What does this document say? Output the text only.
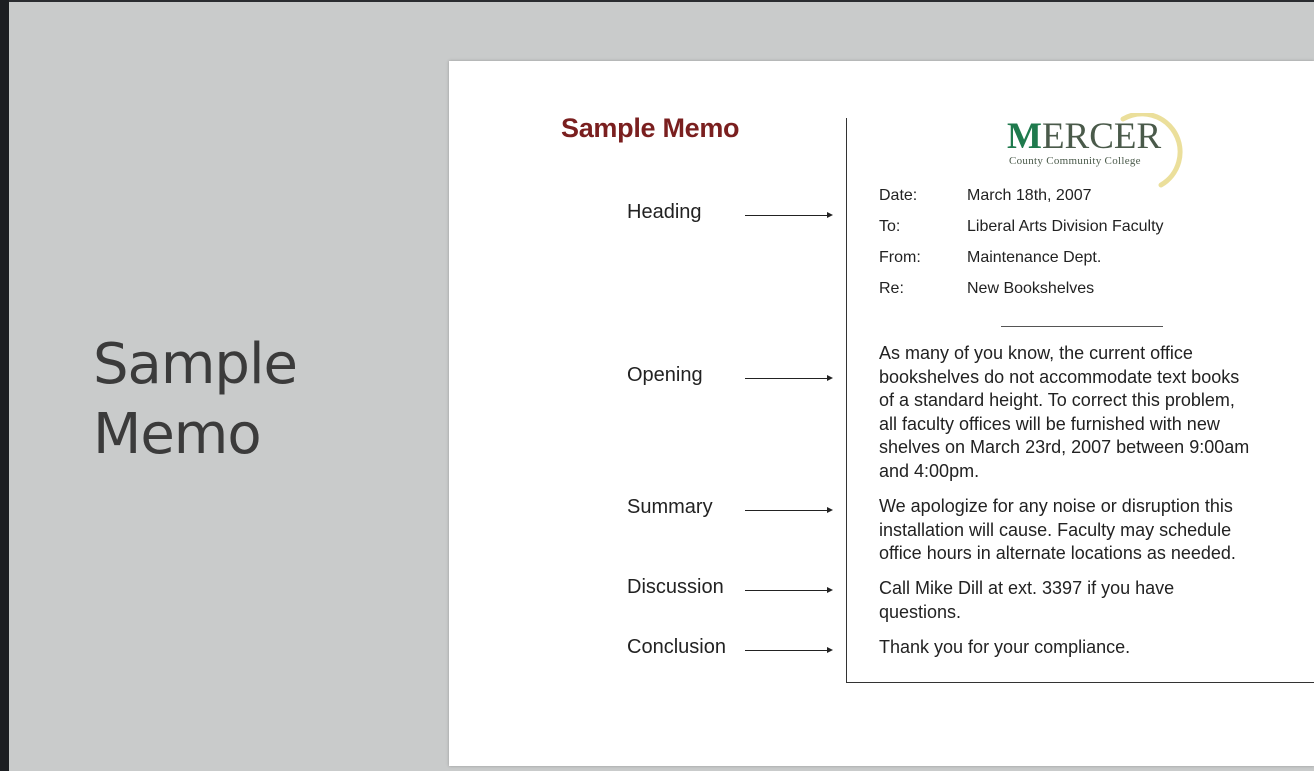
Sample
Memo
Sample Memo
Heading
Opening
Summary
Discussion
Conclusion
MERCER
County Community College
Date:	March 18th, 2007
To:	Liberal Arts Division Faculty
From:	Maintenance Dept.
Re:	New Bookshelves
As many of you know, the current office
bookshelves do not accommodate text books
of a standard height. To correct this problem,
all faculty offices will be furnished with new
shelves on March 23rd, 2007 between 9:00am
and 4:00pm.
We apologize for any noise or disruption this
installation will cause. Faculty may schedule
office hours in alternate locations as needed.
Call Mike Dill at ext. 3397 if you have
questions.
Thank you for your compliance.
